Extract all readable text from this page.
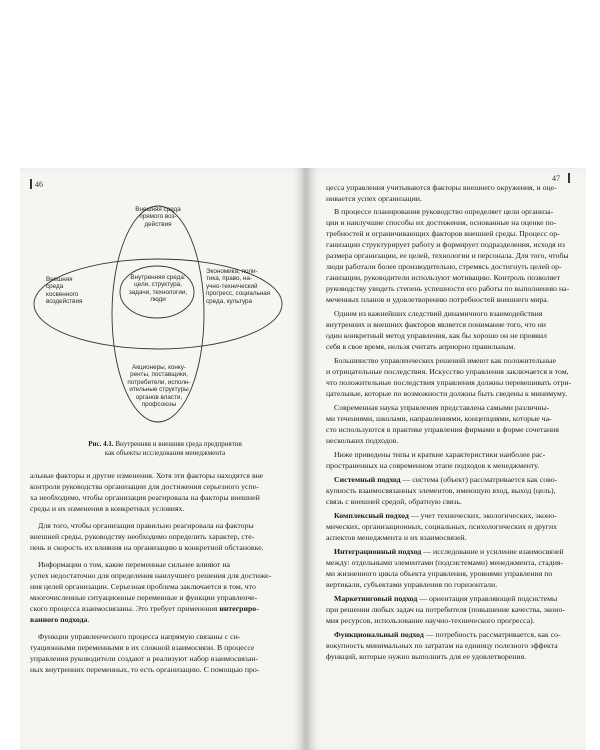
46
Внешняя среда
прямого воз-
действия
Внешняя
среда
косвенного
воздействия
Внутренняя среда:
цели, структура,
задачи, технологии,
люди
Экономика, поли-
тика, право, на-
учно-технический
прогресс, социальная
среда, культура
Акционеры, конку-
ренты, поставщики,
потребители, исполн-
ительные структуры
органов власти,
профсоюзы
Рис. 4.1. Внутренняя и внешняя среда предприятия
как объекты исследования менеджмента
альные факторы и другие изменения. Хотя эти факторы находятся вне
контроля руководства организации для достижения серьезного успе-
ха необходимо, чтобы организация реагировала на факторы внешней
среды и их изменения в конкретных условиях.
Для того, чтобы организация правильно реагировала на факторы
внешней среды, руководству необходимо определить характер, сте-
пень и скорость их влияния на организацию в конкретной обстановке.
Информации о том, какие переменные сильнее влияют на
успех недостаточно для определения наилучшего решения для достиже-
ния целей организации. Серьезная проблема заключается в том, что
многочисленные ситуационные переменные и функции управленче-
ского процесса взаимосвязаны. Это требует применения интегриро-
ванного подхода.
Функции управленческого процесса напрямую связаны с си-
туационными переменными в их сложной взаимосвязи. В процессе
управления руководители создают и реализуют набор взаимосвязан-
ных внутренних переменных, то есть организацию. С помощью про-
47
цесса управления учитываются факторы внешнего окружения, и оце-
нивается успех организации.
В процессе планирования руководство определяет цели организа-
ции и наилучшие способы их достижения, основанные на оценке по-
требностей и ограничивающих факторов внешней среды. Процесс ор-
ганизации структурирует работу и формирует подразделения, исходя из
размера организации, ее целей, технологии и персонала. Для того, чтобы
люди работали более производительно, стремясь достигнуть целей ор-
ганизации, руководители используют мотивацию. Контроль позволяет
руководству увидеть степень успешности его работы по выполнению на-
меченных планов и удовлетворению потребностей внешнего мира.
Одним из важнейших следствий динамичного взаимодействия
внутренних и внешних факторов является понимание того, что ни
один конкретный метод управления, как бы хорошо он не проявил
себя в свое время, нельзя считать априорно правильным.
Большинство управленческих решений имеют как положительные
и отрицательные последствия. Искусство управления заключается в том,
что положительные последствия управления должны перевешивать отри-
цательные, которые по возможности должны быть сведены к минимуму.
Современная наука управления представлена самыми различны-
ми течениями, школами, направлениями, концепциями, которые ча-
сто используются в практике управления фирмами в форме сочетания
нескольких подходов.
Ниже приведены типы и краткие характеристики наиболее рас-
пространенных на современном этапе подходов к менеджменту.
Системный подход — система (объект) рассматривается как сово-
купность взаимосвязанных элементов, имеющую вход, выход (цель),
связь с внешней средой, обратную связь.
Комплексный подход — учет технических, экологических, эконо-
мических, организационных, социальных, психологических и других
аспектов менеджмента и их взаимосвязей.
Интеграционный подход — исследование и усиление взаимосвязей
между: отдельными элементами (подсистемами) менеджмента, стадия-
ми жизненного цикла объекта управления, уровнями управления по
вертикали, субъектами управления по горизонтали.
Маркетинговый подход — ориентация управляющей подсистемы
при решении любых задач на потребителя (повышение качества, эконо-
мия ресурсов, использование научно-технического прогресса).
Функциональный подход — потребность рассматривается, как со-
вокупность минимальных по затратам на единицу полезного эффекта
функций, которые нужно выполнить для ее удовлетворения.
